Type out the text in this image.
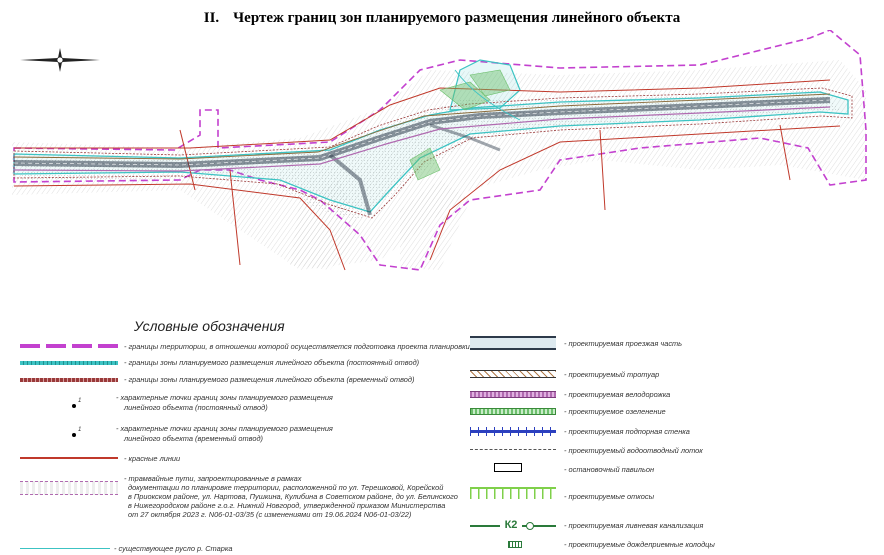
II. Чертеж границ зон планируемого размещения линейного объекта
Условные обозначения
- границы территории, в отношении которой осуществляется подготовка проекта планировки
- границы зоны планируемого размещения линейного объекта (постоянный отвод)
- границы зоны планируемого размещения линейного объекта (временный отвод)
1	- характерные точки границ зоны планируемого размещения
линейного объекта (постоянный отвод)
1	- характерные точки границ зоны планируемого размещения
линейного объекта (временный отвод)
- красные линии
- трамвайные пути, запроектированные в рамках
документации по планировке территории, расположенной по ул. Терешковой, Корейской
в Приокском районе, ул. Нартова, Пушкина, Кулибина в Советском районе, до ул. Белинского
в Нижегородском районе г.о.г. Нижний Новгород, утвержденной приказом Министерства
от 27 октября 2023 г. N06-01-03/35 (с изменениями от 19.06.2024 N06-01-03/22)
- существующее русло р. Старка
- проектируемая проезжая часть
- проектируемый тротуар
- проектируемая велодорожка
- проектируемое озеленение
- проектируемая подпорная стенка
- проектируемый водоотводный лоток
- остановочный павильон
- проектируемые откосы
К2	- проектируемая ливневая канализация
- проектируемые дождеприемные колодцы
